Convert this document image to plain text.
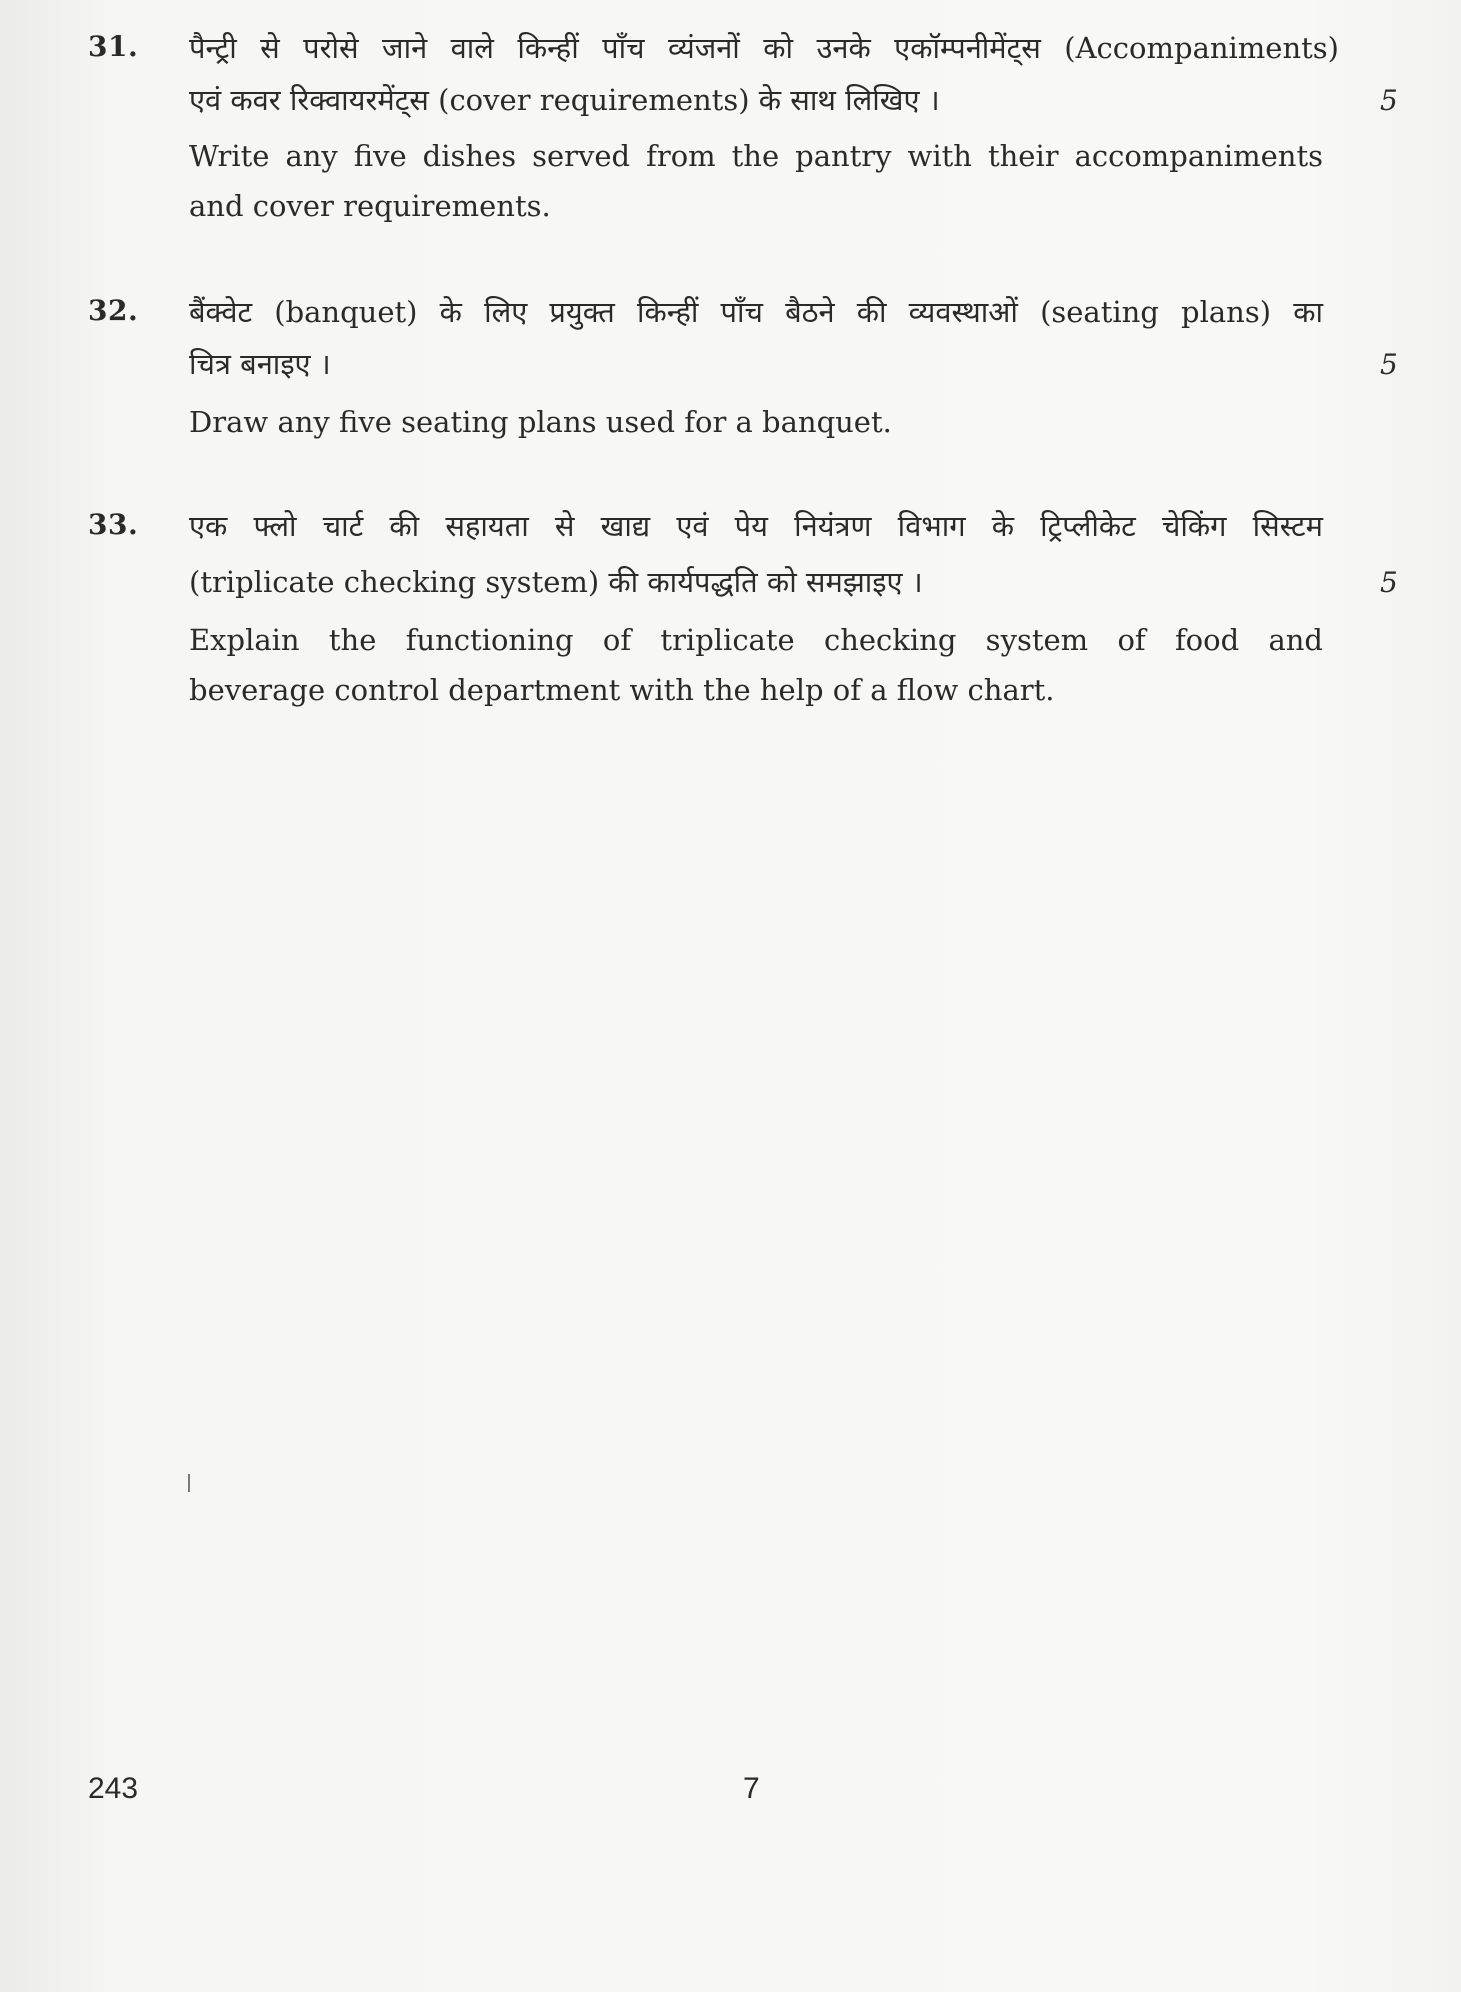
31. पैन्ट्री से परोसे जाने वाले किन्हीं पाँच व्यंजनों को उनके एकॉम्पनीमेंट्स (Accompaniments)
एवं कवर रिक्वायरमेंट्स (cover requirements) के साथ लिखिए ।	5
Write any five dishes served from the pantry with their accompaniments
and cover requirements.
32. बैंक्वेट (banquet) के लिए प्रयुक्त किन्हीं पाँच बैठने की व्यवस्थाओं (seating plans) का
चित्र बनाइए ।	5
Draw any five seating plans used for a banquet.
33. एक फ्लो चार्ट की सहायता से खाद्य एवं पेय नियंत्रण विभाग के ट्रिप्लीकेट चेकिंग सिस्टम
(triplicate checking system) की कार्यपद्धति को समझाइए ।	5
Explain the functioning of triplicate checking system of food and
beverage control department with the help of a flow chart.
243	7
